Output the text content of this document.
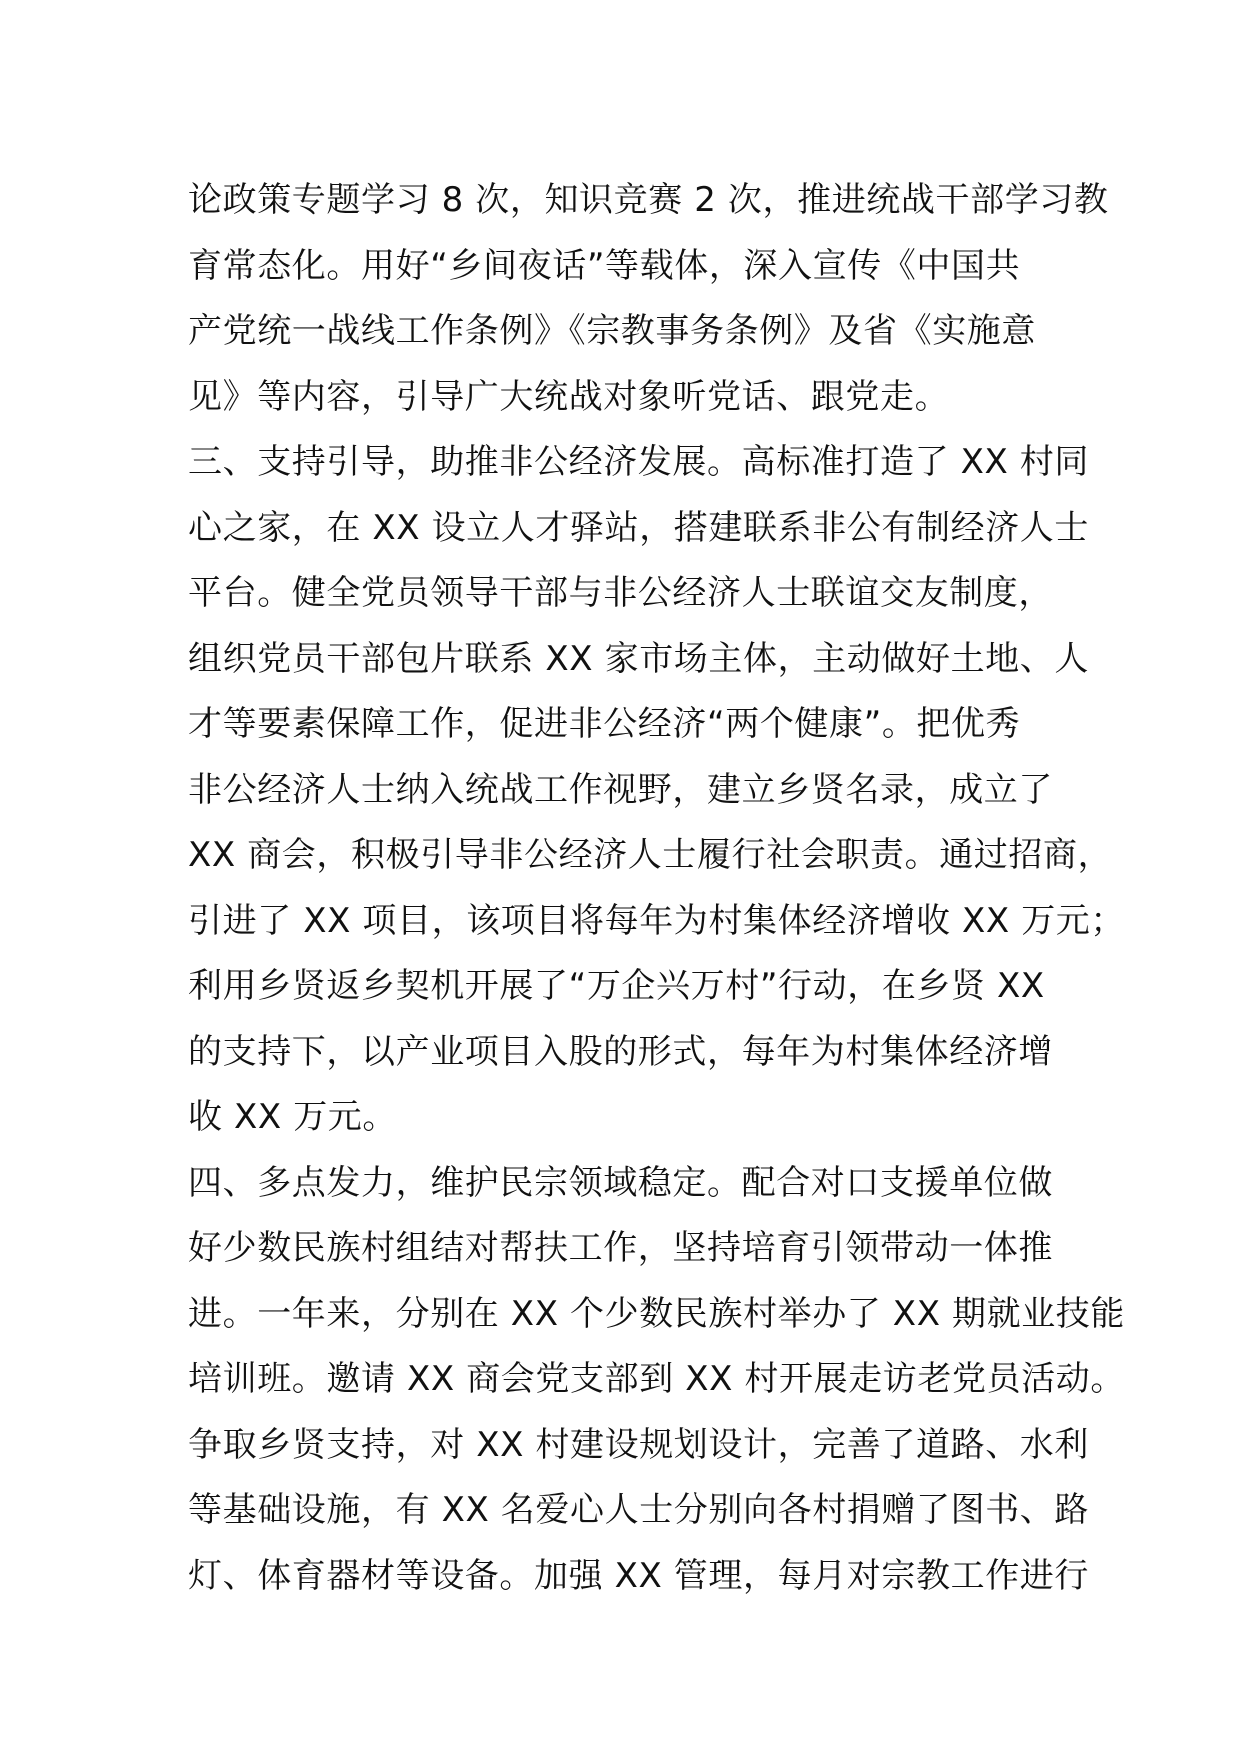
论政策专题学习 8 次，知识竞赛 2 次，推进统战干部学习教
育常态化。用好“乡间夜话”等载体，深入宣传《中国共
产党统一战线工作条例》《宗教事务条例》及省《实施意
见》等内容，引导广大统战对象听党话、跟党走。
三、支持引导，助推非公经济发展。高标准打造了 XX 村同
心之家，在 XX 设立人才驿站，搭建联系非公有制经济人士
平台。健全党员领导干部与非公经济人士联谊交友制度，
组织党员干部包片联系 XX 家市场主体，主动做好土地、人
才等要素保障工作，促进非公经济“两个健康”。把优秀
非公经济人士纳入统战工作视野，建立乡贤名录，成立了
XX 商会，积极引导非公经济人士履行社会职责。通过招商，
引进了 XX 项目，该项目将每年为村集体经济增收 XX 万元；
利用乡贤返乡契机开展了“万企兴万村”行动，在乡贤 XX
的支持下，以产业项目入股的形式，每年为村集体经济增
收 XX 万元。
四、多点发力，维护民宗领域稳定。配合对口支援单位做
好少数民族村组结对帮扶工作，坚持培育引领带动一体推
进。一年来，分别在 XX 个少数民族村举办了 XX 期就业技能
培训班。邀请 XX 商会党支部到 XX 村开展走访老党员活动。
争取乡贤支持，对 XX 村建设规划设计，完善了道路、水利
等基础设施，有 XX 名爱心人士分别向各村捐赠了图书、路
灯、体育器材等设备。加强 XX 管理，每月对宗教工作进行
